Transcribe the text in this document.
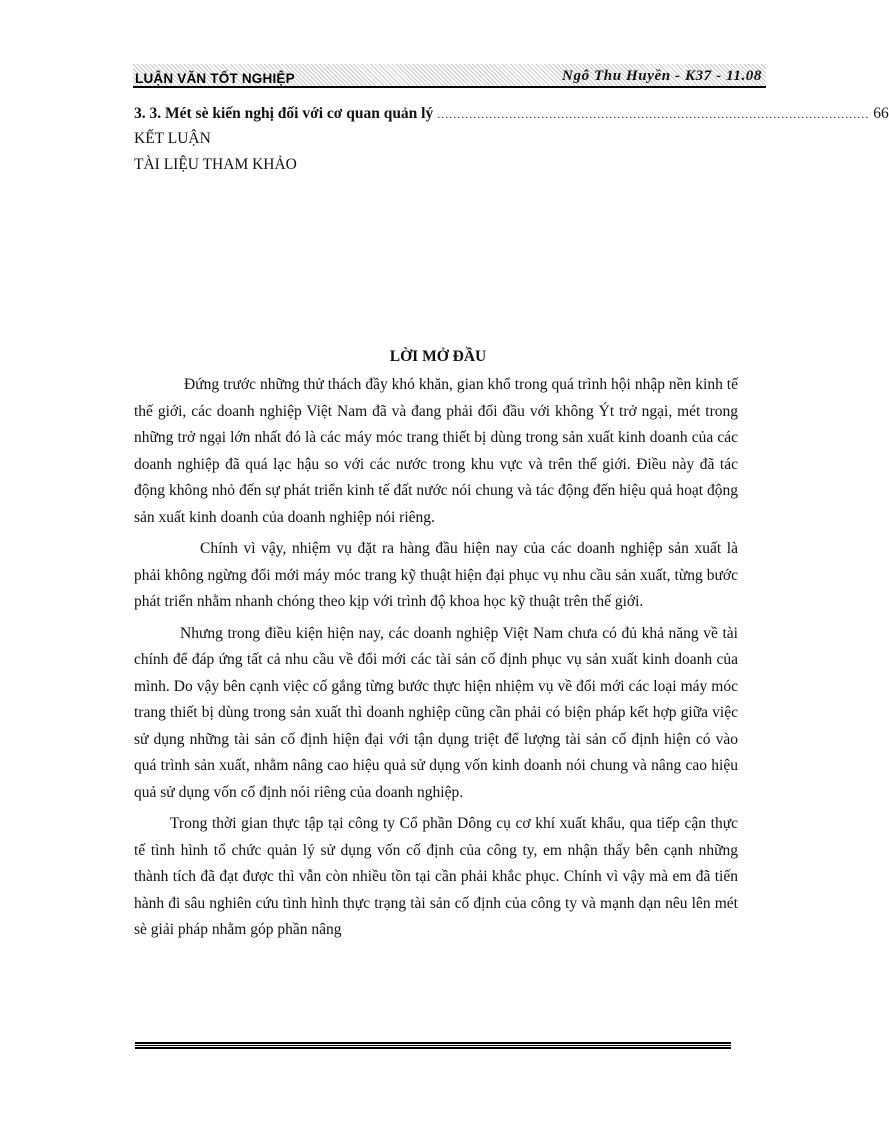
LUẬN VĂN TỐT NGHIỆP	Ngô Thu Huyền - K37 - 11.08
3. 3. Mét sè kiến nghị đối với cơ quan quản lý ............................................................................................................ 66
KẾT LUẬN
TÀI LIỆU THAM KHẢO
LỜI MỞ ĐẦU

Đứng trước những thử thách đầy khó khăn, gian khổ trong quá trình hội nhập nền kinh tế thế giới, các doanh nghiệp Việt Nam đã và đang phải đối đầu với không Ýt trở ngại, mét trong những trở ngại lớn nhất đó là các máy móc trang thiết bị dùng trong sản xuất kinh doanh của các doanh nghiệp đã quá lạc hậu so với các nước trong khu vực và trên thế giới. Điều này đã tác động không nhỏ đến sự phát triển kinh tế đất nước nói chung và tác động đến hiệu quả hoạt động sản xuất kinh doanh của doanh nghiệp nói riêng.

Chính vì vậy, nhiệm vụ đặt ra hàng đầu hiện nay của các doanh nghiệp sản xuất là phải không ngừng đổi mới máy móc trang kỹ thuật hiện đại phục vụ nhu cầu sản xuất, từng bước phát triển nhằm nhanh chóng theo kịp với trình độ khoa học kỹ thuật trên thế giới.

Nhưng trong điều kiện hiện nay, các doanh nghiệp Việt Nam chưa có đủ khả năng về tài chính để đáp ứng tất cả nhu cầu về đổi mới các tài sản cố định phục vụ sản xuất kinh doanh của mình. Do vậy bên cạnh việc cố gắng từng bước thực hiện nhiệm vụ về đổi mới các loại máy móc trang thiết bị dùng trong sản xuất thì doanh nghiệp cũng cần phải có biện pháp kết hợp giữa việc sử dụng những tài sản cố định hiện đại với tận dụng triệt để lượng tài sản cố định hiện có vào quá trình sản xuất, nhằm nâng cao hiệu quả sử dụng vốn kinh doanh nói chung và nâng cao hiệu quả sử dụng vốn cố định nói riêng của doanh nghiệp.

Trong thời gian thực tập tại công ty Cổ phần Dông cụ cơ khí xuất khẩu, qua tiếp cận thực tế tình hình tổ chức quản lý sử dụng vốn cố định của công ty, em nhận thấy bên cạnh những thành tích đã đạt được thì vẫn còn nhiều tồn tại cần phải khắc phục. Chính vì vậy mà em đã tiến hành đi sâu nghiên cứu tình hình thực trạng tài sản cố định của công ty và mạnh dạn nêu lên mét sè giải pháp nhằm góp phần nâng
